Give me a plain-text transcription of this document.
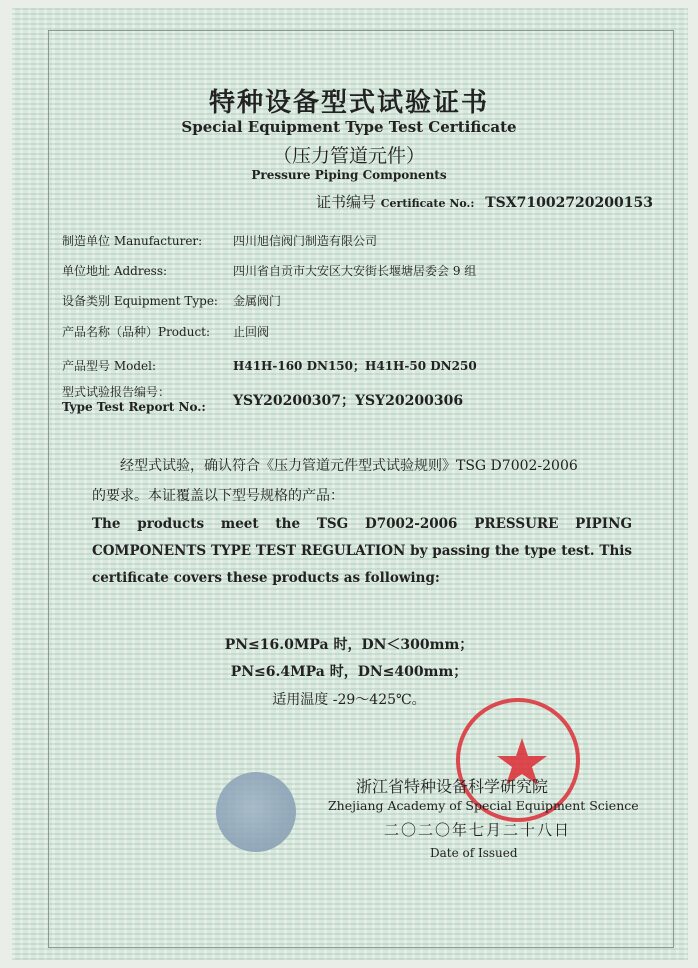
特种设备型式试验证书
Special Equipment Type Test Certificate
（压力管道元件）
Pressure Piping Components
证书编号 Certificate No.: TSX71002720200153
制造单位 Manufacturer:	四川旭信阀门制造有限公司
单位地址 Address:	四川省自贡市大安区大安街长堰塘居委会 9 组
设备类别 Equipment Type: 金属阀门
产品名称（品种）Product: 止回阀
产品型号 Model:	H41H-160 DN150；H41H-50 DN250
型式试验报告编号：
Type Test Report No.: YSY20200307；YSY20200306
经型式试验，确认符合《压力管道元件型式试验规则》TSG D7002-2006
的要求。本证覆盖以下型号规格的产品：
The products meet the TSG D7002-2006 PRESSURE PIPING COMPONENTS TYPE TEST REGULATION by passing the type test. This certificate covers these products as following:
PN≤16.0MPa 时，DN＜300mm；
PN≤6.4MPa 时，DN≤400mm；
适用温度 -29～425℃。
浙江省特种设备科学研究院
Zhejiang Academy of Special Equipment Science
二〇二〇年七月二十八日
Date of Issued
